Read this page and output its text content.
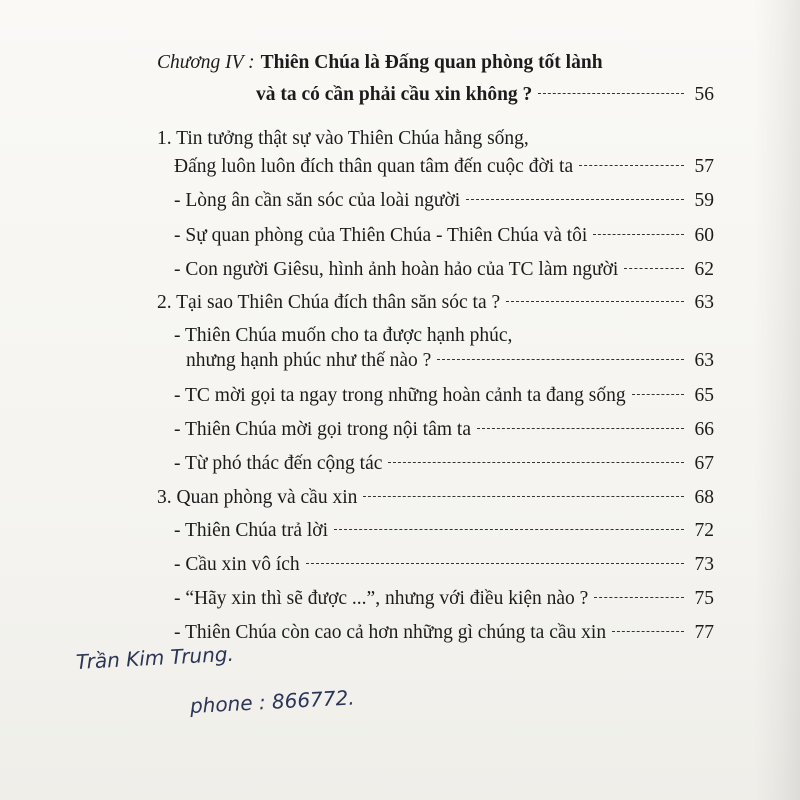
Chương IV : Thiên Chúa là Đấng quan phòng tốt lành
và ta có cần phải cầu xin không ?	56
1. Tin tưởng thật sự vào Thiên Chúa hằng sống,
Đấng luôn luôn đích thân quan tâm đến cuộc đời ta	57
- Lòng ân cần săn sóc của loài người	59
- Sự quan phòng của Thiên Chúa - Thiên Chúa và tôi	60
- Con người Giêsu, hình ảnh hoàn hảo của TC làm người	62
2. Tại sao Thiên Chúa đích thân săn sóc ta ?	63
- Thiên Chúa muốn cho ta được hạnh phúc,
nhưng hạnh phúc như thế nào ?	63
- TC mời gọi ta ngay trong những hoàn cảnh ta đang sống	65
- Thiên Chúa mời gọi trong nội tâm ta	66
- Từ phó thác đến cộng tác	67
3. Quan phòng và cầu xin	68
- Thiên Chúa trả lời	72
- Cầu xin vô ích	73
- “Hãy xin thì sẽ được ...”, nhưng với điều kiện nào ?	75
- Thiên Chúa còn cao cả hơn những gì chúng ta cầu xin	77
Trần Kim Trung.
phone : 866772.
